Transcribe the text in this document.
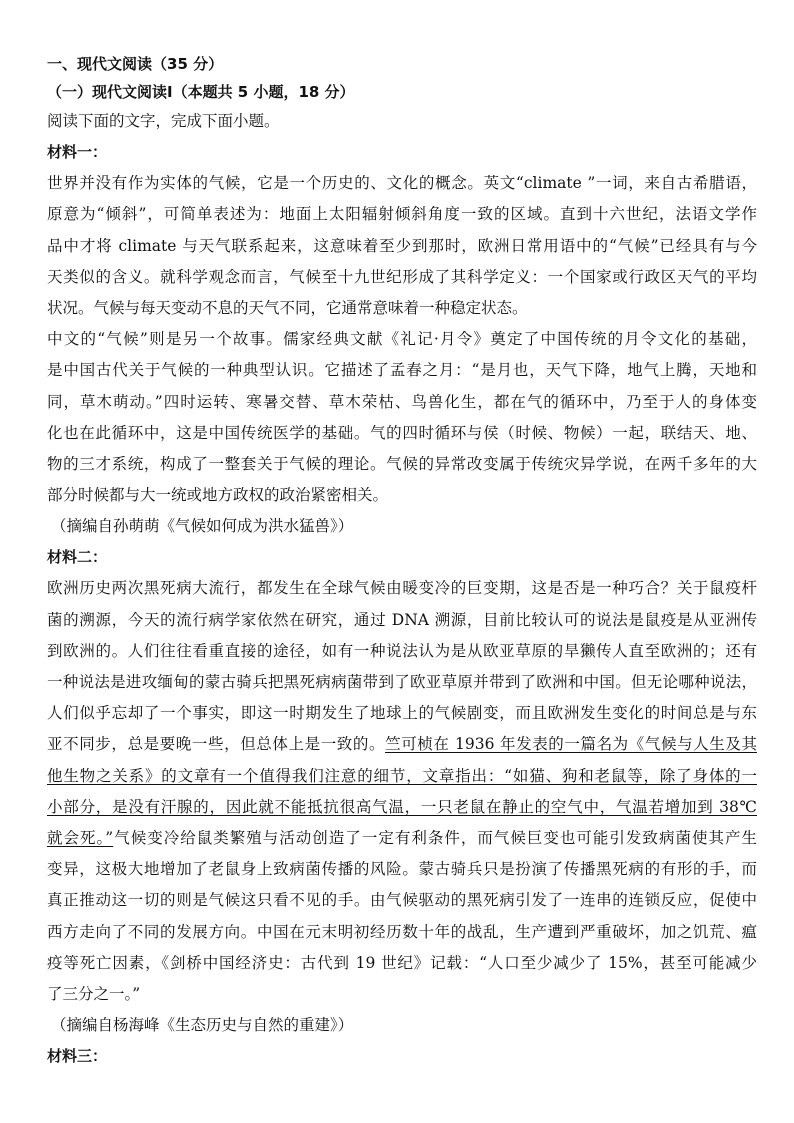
一、现代文阅读（35 分）
（一）现代文阅读Ⅰ（本题共 5 小题，18 分）
阅读下面的文字，完成下面小题。
材料一：
世界并没有作为实体的气候，它是一个历史的、文化的概念。英文“climate ”一词，来自古希腊语，
原意为“倾斜”，可简单表述为：地面上太阳辐射倾斜角度一致的区域。直到十六世纪，法语文学作
品中才将 climate 与天气联系起来，这意味着至少到那时，欧洲日常用语中的“气候”已经具有与今
天类似的含义。就科学观念而言，气候至十九世纪形成了其科学定义：一个国家或行政区天气的平均
状况。气候与每天变动不息的天气不同，它通常意味着一种稳定状态。
中文的“气候”则是另一个故事。儒家经典文献《礼记·月令》奠定了中国传统的月令文化的基础，
是中国古代关于气候的一种典型认识。它描述了孟春之月：“是月也，天气下降，地气上腾，天地和
同，草木萌动。”四时运转、寒暑交替、草木荣枯、鸟兽化生，都在气的循环中，乃至于人的身体变
化也在此循环中，这是中国传统医学的基础。气的四时循环与侯（时候、物候）一起，联结天、地、
物的三才系统，构成了一整套关于气候的理论。气候的异常改变属于传统灾异学说，在两千多年的大
部分时候都与大一统或地方政权的政治紧密相关。
（摘编自孙萌萌《气候如何成为洪水猛兽》）
材料二：
欧洲历史两次黑死病大流行，都发生在全球气候由暖变冷的巨变期，这是否是一种巧合？关于鼠疫杆
菌的溯源，今天的流行病学家依然在研究，通过 DNA 溯源，目前比较认可的说法是鼠疫是从亚洲传
到欧洲的。人们往往看重直接的途径，如有一种说法认为是从欧亚草原的旱獭传人直至欧洲的；还有
一种说法是进攻缅甸的蒙古骑兵把黑死病病菌带到了欧亚草原并带到了欧洲和中国。但无论哪种说法，
人们似乎忘却了一个事实，即这一时期发生了地球上的气候剧变，而且欧洲发生变化的时间总是与东
亚不同步，总是要晚一些，但总体上是一致的。竺可桢在 1936 年发表的一篇名为《气候与人生及其
他生物之关系》的文章有一个值得我们注意的细节，文章指出：“如猫、狗和老鼠等，除了身体的一
小部分，是没有汗腺的，因此就不能抵抗很高气温，一只老鼠在静止的空气中，气温若增加到 38℃
就会死。”气候变冷给鼠类繁殖与活动创造了一定有利条件，而气候巨变也可能引发致病菌使其产生
变异，这极大地增加了老鼠身上致病菌传播的风险。蒙古骑兵只是扮演了传播黑死病的有形的手，而
真正推动这一切的则是气候这只看不见的手。由气候驱动的黑死病引发了一连串的连锁反应，促使中
西方走向了不同的发展方向。中国在元末明初经历数十年的战乱，生产遭到严重破坏，加之饥荒、瘟
疫等死亡因素，《剑桥中国经济史：古代到 19 世纪》记载：“人口至少减少了 15%，甚至可能减少
了三分之一。”
（摘编自杨海峰《生态历史与自然的重建》）
材料三：
